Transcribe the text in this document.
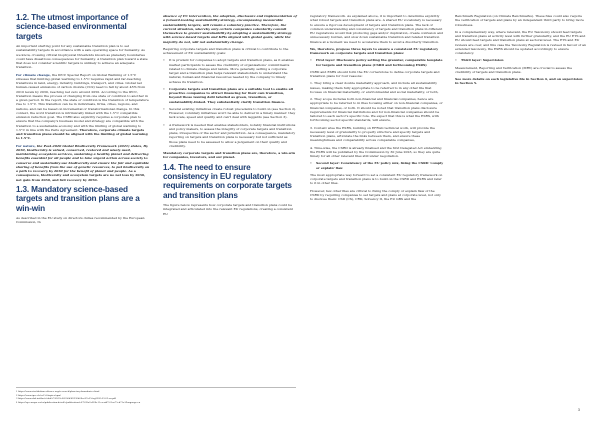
1.2. The utmost importance of science-based environmental targets

An important starting point for any sustainable transition plan is to set sustainability targets in accordance with a safe operating space for humanity. As we know, crossing critical biophysical thresholds known as planetary boundaries could have disastrous consequences for humanity. A transition plan toward a state that does not consider scientific targets is unlikely to achieve an adequate transition.

For climate change, the IPCC Special Report on Global Warming of 1.5°C stresses that limiting global warming to 1.5°C requires rapid and far-reaching transitions in land, energy, industry, buildings, transport, and cities. Global net human-caused emissions of carbon dioxide (CO2) need to fall by about 45% from 2010 levels by 2030, reaching net zero around 2050. According to the IPCC, transition means the process of changing from one state or condition to another in a given period. In the report, the state or condition is the transition of temperature rise to 1.5°C. This transition can be in individuals, firms, cities, regions, and nations, and can be based on incremental or transformational change. In this context, the word transition is intrinsically linked with the 1.5°C compatible emission reduction goal. The CSRD also explicitly requires a corporate plan to ensure that the company's business model and strategy are compatible with the transition to a sustainable economy and with the limiting of global warming to 1.5°C in line with the Paris Agreement. Therefore, corporate climate targets and transition plans should be aligned with the limiting of global warming to 1.5°C.

For nature, the Post-2020 Global Biodiversity Framework (2021) states, By 2030, biodiversity is valued, conserved, restored and wisely used, maintaining ecosystem services, sustaining a healthy planet and delivering benefits essential for all people and to take urgent action across society to conserve and sustainably use biodiversity and ensure the fair and equitable sharing of benefits from the use of genetic resources, to put biodiversity on a path to recovery by 2030 for the benefit of planet and people. As a consequence, biodiversity and ecosystem targets are no net loss by 2030, net gain from 2030, and full recovery by 2050.

1.3. Mandatory science-based targets and transition plans are a win-win

As described in the EU study on directors duties recommended by the European Commission, In

absence of EU intervention, the adoption, disclosure and implementation of a forward-looking sustainability strategy, encompassing measurable sustainability targets, will remain a voluntary practice. Therefore, the current situation, whereby only certain companies voluntarily commit themselves to greater sustainability by adopting a sustainability strategy with science-based targets and KPIs aligned with global goals, while the majority do not, will not substantially change.

Requiring corporate targets and transition plans is critical to contribute to the achievement of EU sustainability goals:

•	It is prudent for companies to adopt targets and transition plans, as it enables market participants to assess the credibility of organisations' commitments related to climate change and nature. More generally, setting a corporate target and a transition plan helps relevant stakeholders to understand the natural, human and financial resources needed by the company to timely achieve its transition.
•	Corporate targets and transition plans are a suitable tool to enable all proactive companies to attract financing for their own transition, beyond those issuing debt labelled as green, transition, or sustainability-linked. They substantially clarify transition finance.
•	Several existing initiatives create robust precedents to build on (see Section 2). However, voluntary initiatives won't be able to deliver in a timely manner: they lack scale, speed and quality, and can't deal with laggards (see Section 3).
•	A framework is needed that enables stakeholders, notably financial institutions and policy makers, to assess the integrity of corporate targets and transition plans, irrespective of the sector and jurisdiction. As a consequence, mandatory reporting on targets and transition plans is necessary but not sufficient as those plans need to be assessed to allow a judgement on their quality and credibility.

Mandatory corporate targets and transition plans are, therefore, a win-win for companies, investors, and our planet.

1.4. The need to ensure consistency in EU regulatory requirements on corporate targets and transition plans

The figure below represents how corporate targets and transition plans could be integrated and articulated into the relevant EU regulations, creating a consistent EU

regulatory framework. As explained above, it is important to determine explicitly what robust targets and transition plans are. A shared EU vocabulary is necessary to ensure a rigorous development of targets and transition plans. The lack of common understanding and consistency of targets and transition plans in different EU regulations would risk producing gaps and/or duplication, create confusion and unnecessary burden, and slow down sustainable transition and related transition finance at a moment we need to accelerate them to avoid a disorderly transition.

We, therefore, propose three layers to ensure a consistent EU regulatory framework on corporate targets and transition plans:

•	First layer: Disclosure policy setting the granular, comparable template for targets and transition plans (CSRD and forthcoming ESRS)

CSRD and ESRS should form the EU cornerstone to define corporate targets and transition plans for four reasons:

1. They bring a clear double materiality approach, and include all sustainability issues, making them fully appropriate to be referred to in any other file that focuses on financial materiality, or environmental and social materiality, or both,

2. They scope includes both non-financial and financial companies, hence are appropriate to be referred to in files focusing either on non-financial companies, or financial companies, or both. It should be noted that transition plans disclosure requirements for financial institutions and for non-financial companies should be tailored to each sector's specific role. We expect that this is what the ESRS, with forthcoming sector-specific standards, will ensure,

3. Content wise the ESRS, building on EFRAG technical work, will provide the necessary level of granularity to properly structure and specify targets and transition plans, articulate the links between them, and ensure these meaningfulness and comparability across comparable companies,

4. Time-wise, the CSRD is already finalised and the first Delegated Act embedding the ESRS will be published by the Commission by 30 June 2023, so they are quite timely for all other relevant files still under negotiation.

•	Second layer: Consistency of the EU policy mix, fixing the CSRD 'comply or explain' flaw

The most appropriate way forward to set a consistent EU regulatory framework on corporate targets and transition plans is to build on the CSRD and ESRS and refer to it in other files.

However, few other files are critical to fixing the comply or explain flaw of the CSRD by requiring companies to set targets and plans at corporate level, not only to disclose them: CSD (CS), CRD, Solvency II, the EU GBS and the

Benchmark Regulation (on Climate Benchmarks). These files could also require the verification of targets and plans by an independent third party to bring more robustness.

In a complementary way, where relevant, the EU Taxonomy should feed targets and transition plans at activity level with further granularity, and the EU ETS and EU should feed targets and transition plans at sectoral level. The ETS and EU reviews are over, and this case the Taxonomy Regulation is revised in favour of an extended taxonomy, the ESRS should be updated accordingly to ensure consistency.

•	Third layer: Supervision

Measurement, Reporting and Verification (MRV) are crucial to assess the credibility of targets and transition plans.

See more details on each legislative file in Section 4, and on supervision in Section 5.

1 https://www.stockholmresilience.org/research/planetary-boundaries.html
2 https://www.ipcc.ch/sr15/chapter/spm/
3 https://www.cbd.int/doc/c/abb5/591f/2e46096d3f0330b08ce87a45/wg2020-03-03-en.pdf
4 https://op.europa.eu/en/publication-detail/-/publication/e47928a2-d20b-11ea-adf7-01aa75ed71a1/language-en
3
